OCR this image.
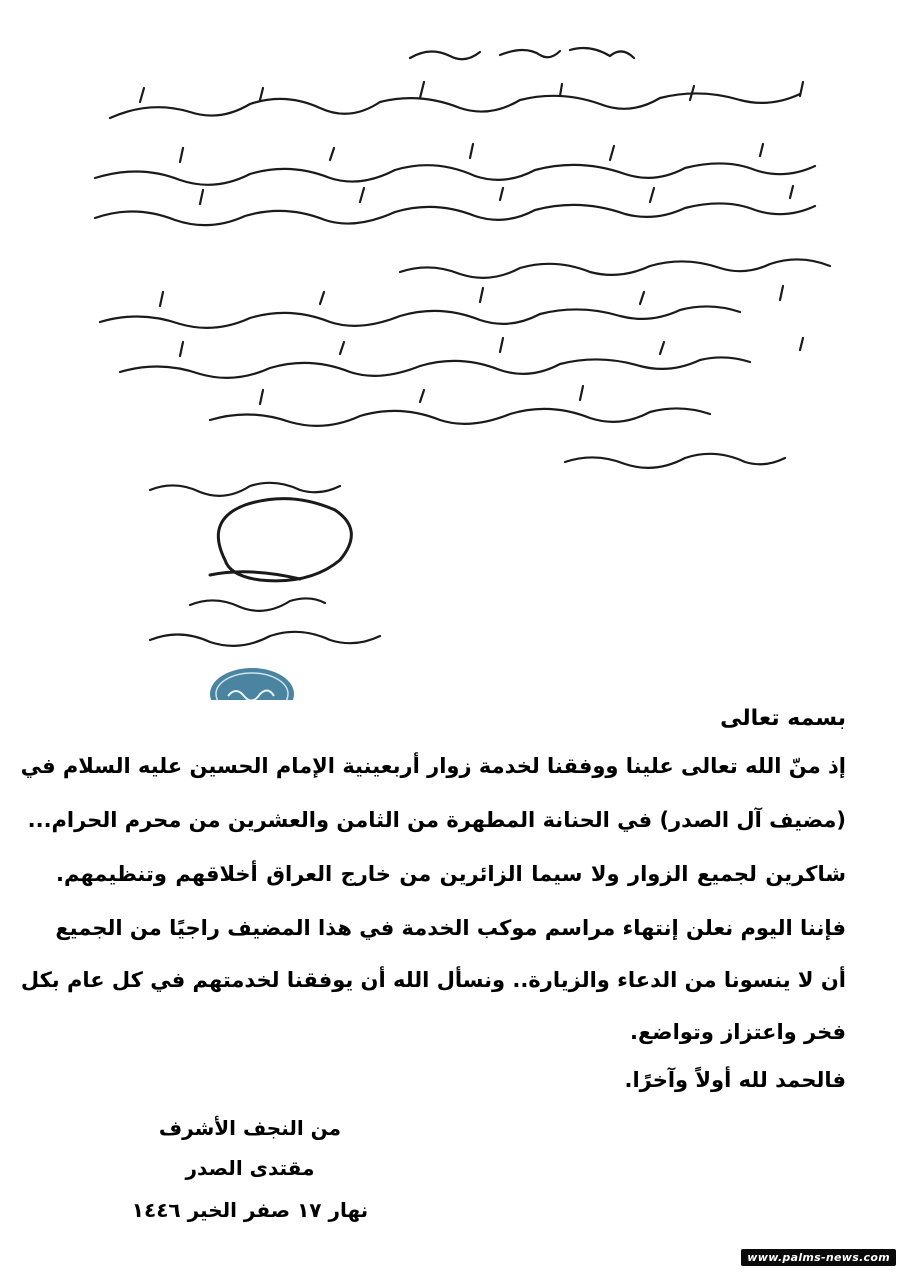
بسمه تعالى
إذ منّ الله تعالى علينا ووفقنا لخدمة زوار أربعينية الإمام الحسين عليه السلام في
(مضيف آل الصدر) في الحنانة المطهرة من الثامن والعشرين من محرم الحرام...
شاكرين لجميع الزوار ولا سيما الزائرين من خارج العراق أخلاقهم وتنظيمهم.
فإننا اليوم نعلن إنتهاء مراسم موكب الخدمة في هذا المضيف راجيًا من الجميع
أن لا ينسونا من الدعاء والزيارة.. ونسأل الله أن يوفقنا لخدمتهم في كل عام بكل
فخر واعتزاز وتواضع.
فالحمد لله أولاً وآخرًا.
من النجف الأشرف
مقتدى الصدر
نهار ١٧ صفر الخير ١٤٤٦
www.palms-news.com
